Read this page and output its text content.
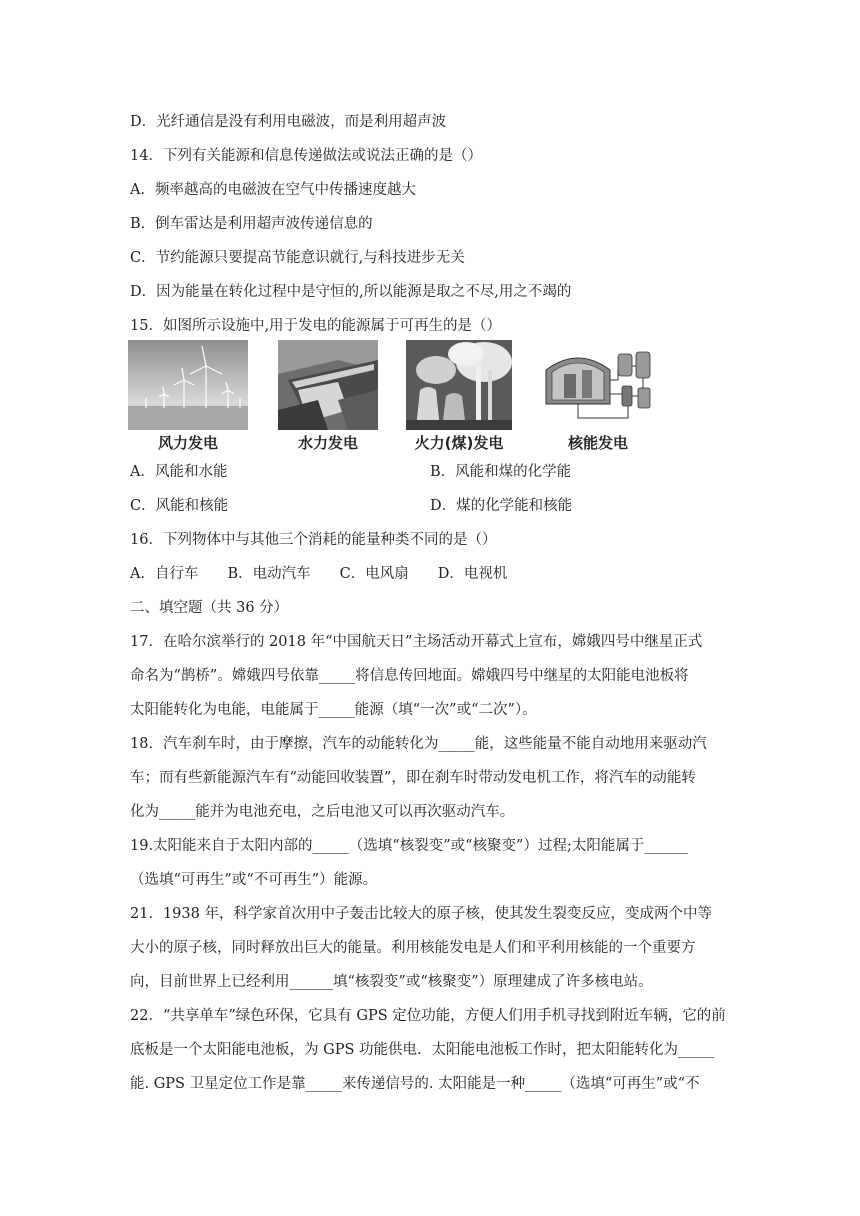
D．光纤通信是没有利用电磁波，而是利用超声波
14．下列有关能源和信息传递做法或说法正确的是（）
A．频率越高的电磁波在空气中传播速度越大
B．倒车雷达是利用超声波传递信息的
C．节约能源只要提高节能意识就行,与科技进步无关
D．因为能量在转化过程中是守恒的,所以能源是取之不尽,用之不竭的
15．如图所示设施中,用于发电的能源属于可再生的是（）
风力发电	水力发电	火力(煤)发电	核能发电
A．风能和水能	B．风能和煤的化学能
C．风能和核能	D．煤的化学能和核能
16．下列物体中与其他三个消耗的能量种类不同的是（）
A．自行车　　B．电动汽车　　C．电风扇　　D．电视机
二、填空题（共 36 分）
17．在哈尔滨举行的 2018 年“中国航天日”主场活动开幕式上宣布，嫦娥四号中继星正式
命名为“鹊桥”。嫦娥四号依靠_____将信息传回地面。嫦娥四号中继星的太阳能电池板将
太阳能转化为电能，电能属于_____能源（填“一次”或“二次”）。
18．汽车刹车时，由于摩擦，汽车的动能转化为_____能，这些能量不能自动地用来驱动汽
车；而有些新能源汽车有“动能回收装置”，即在刹车时带动发电机工作，将汽车的动能转
化为_____能并为电池充电，之后电池又可以再次驱动汽车。
19.太阳能来自于太阳内部的_____（选填“核裂变”或“核聚变”）过程;太阳能属于______
（选填“可再生”或“不可再生”）能源。
21．1938 年，科学家首次用中子轰击比较大的原子核，使其发生裂变反应，变成两个中等
大小的原子核，同时释放出巨大的能量。利用核能发电是人们和平利用核能的一个重要方
向，目前世界上已经利用______填“核裂变”或“核聚变”）原理建成了许多核电站。
22．“共享单车”绿色环保，它具有 GPS 定位功能，方便人们用手机寻找到附近车辆，它的前
底板是一个太阳能电池板，为 GPS 功能供电．太阳能电池板工作时，把太阳能转化为_____
能. GPS 卫星定位工作是靠_____来传递信号的. 太阳能是一种_____（选填“可再生”或“不
